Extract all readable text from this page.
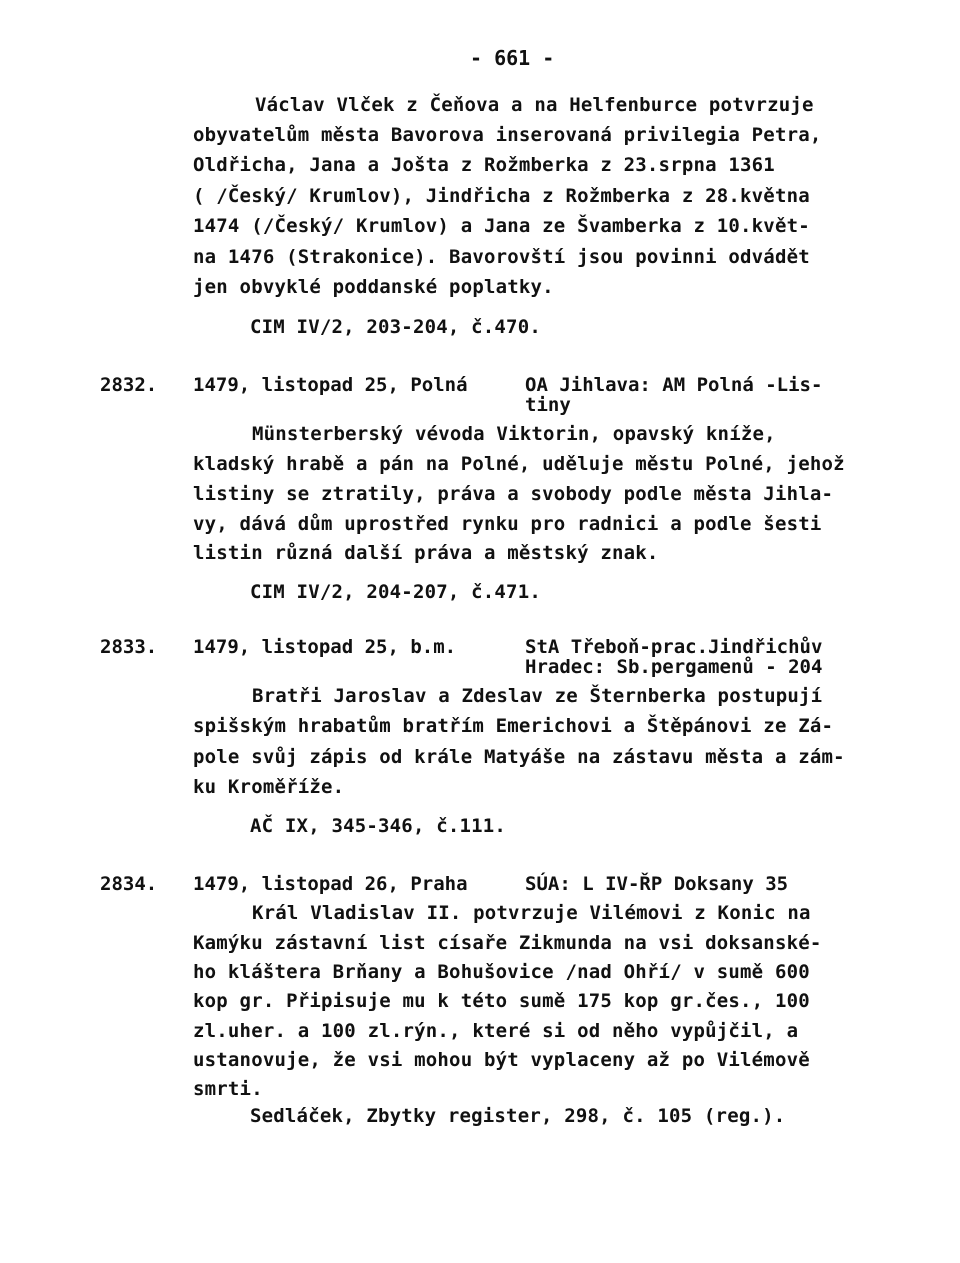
- 661 -
Václav Vlček z Čeňova a na Helfenburce potvrzuje
obyvatelům města Bavorova inserovaná privilegia Petra,
Oldřicha, Jana a Jošta z Rožmberka z 23.srpna 1361
( /Český/ Krumlov), Jindřicha z Rožmberka z 28.května
1474 (/Český/ Krumlov) a Jana ze Švamberka z 10.květ-
na 1476 (Strakonice). Bavorovští jsou povinni odvádět
jen obvyklé poddanské poplatky.
CIM IV/2, 203-204, č.470.
2832. 1479, listopad 25, Polná	OA Jihlava: AM Polná -Lis-
tiny
Münsterberský vévoda Viktorin, opavský kníže,
kladský hrabě a pán na Polné, uděluje městu Polné, jehož
listiny se ztratily, práva a svobody podle města Jihla-
vy, dává dům uprostřed rynku pro radnici a podle šesti
listin různá další práva a městský znak.
CIM IV/2, 204-207, č.471.
2833. 1479, listopad 25, b.m.	StA Třeboň-prac.Jindřichův
Hradec: Sb.pergamenů - 204
Bratři Jaroslav a Zdeslav ze Šternberka postupují
spišským hrabatům bratřím Emerichovi a Štěpánovi ze Zá-
pole svůj zápis od krále Matyáše na zástavu města a zám-
ku Kroměříže.
AČ IX, 345-346, č.111.
2834. 1479, listopad 26, Praha	SÚA: L IV-ŘP Doksany 35
Král Vladislav II. potvrzuje Vilémovi z Konic na
Kamýku zástavní list císaře Zikmunda na vsi doksanské-
ho kláštera Brňany a Bohušovice /nad Ohří/ v sumě 600
kop gr. Připisuje mu k této sumě 175 kop gr.čes., 100
zl.uher. a 100 zl.rýn., které si od něho vypůjčil, a
ustanovuje, že vsi mohou být vyplaceny až po Vilémově
smrti.
Sedláček, Zbytky register, 298, č. 105 (reg.).
